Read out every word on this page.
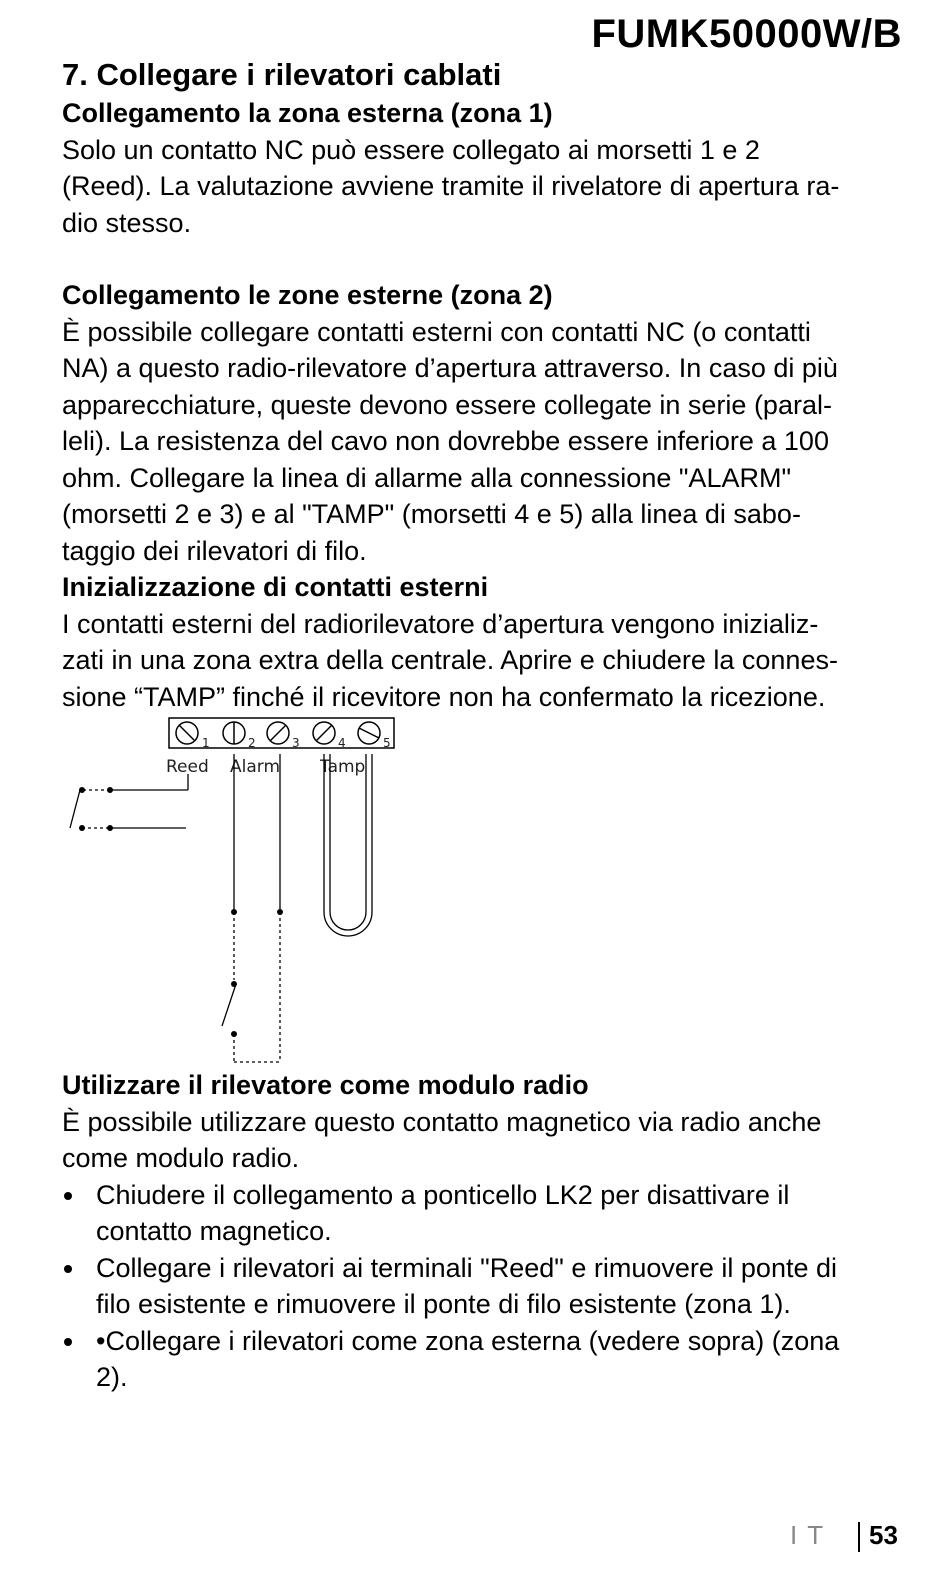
FUMK50000W/B

7. Collegare i rilevatori cablati

Collegamento la zona esterna (zona 1)

Solo un contatto NC può essere collegato ai morsetti 1 e 2

(Reed). La valutazione avviene tramite il rivelatore di apertura ra-

dio stesso.

Collegamento le zone esterne (zona 2)

È possibile collegare contatti esterni con contatti NC (o contatti

NA) a questo radio-rilevatore d’apertura attraverso. In caso di più

apparecchiature, queste devono essere collegate in serie (paral-

leli). La resistenza del cavo non dovrebbe essere inferiore a 100

ohm. Collegare la linea di allarme alla connessione "ALARM"

(morsetti 2 e 3) e al "TAMP" (morsetti 4 e 5) alla linea di sabo-

taggio dei rilevatori di filo.

Inizializzazione di contatti esterni

I contatti esterni del radiorilevatore d’apertura vengono inizializ-

zati in una zona extra della centrale. Aprire e chiudere la connes-

sione “TAMP” finché il ricevitore non ha confermato la ricezione.

1	2	3	4	5
Reed Alarm Tamp

Utilizzare il rilevatore come modulo radio

È possibile utilizzare questo contatto magnetico via radio anche

come modulo radio.

Chiudere il collegamento a ponticello LK2 per disattivare il
contatto magnetico.
Collegare i rilevatori ai terminali "Reed" e rimuovere il ponte di
filo esistente e rimuovere il ponte di filo esistente (zona 1).
•Collegare i rilevatori come zona esterna (vedere sopra) (zona
2).
IT 53
